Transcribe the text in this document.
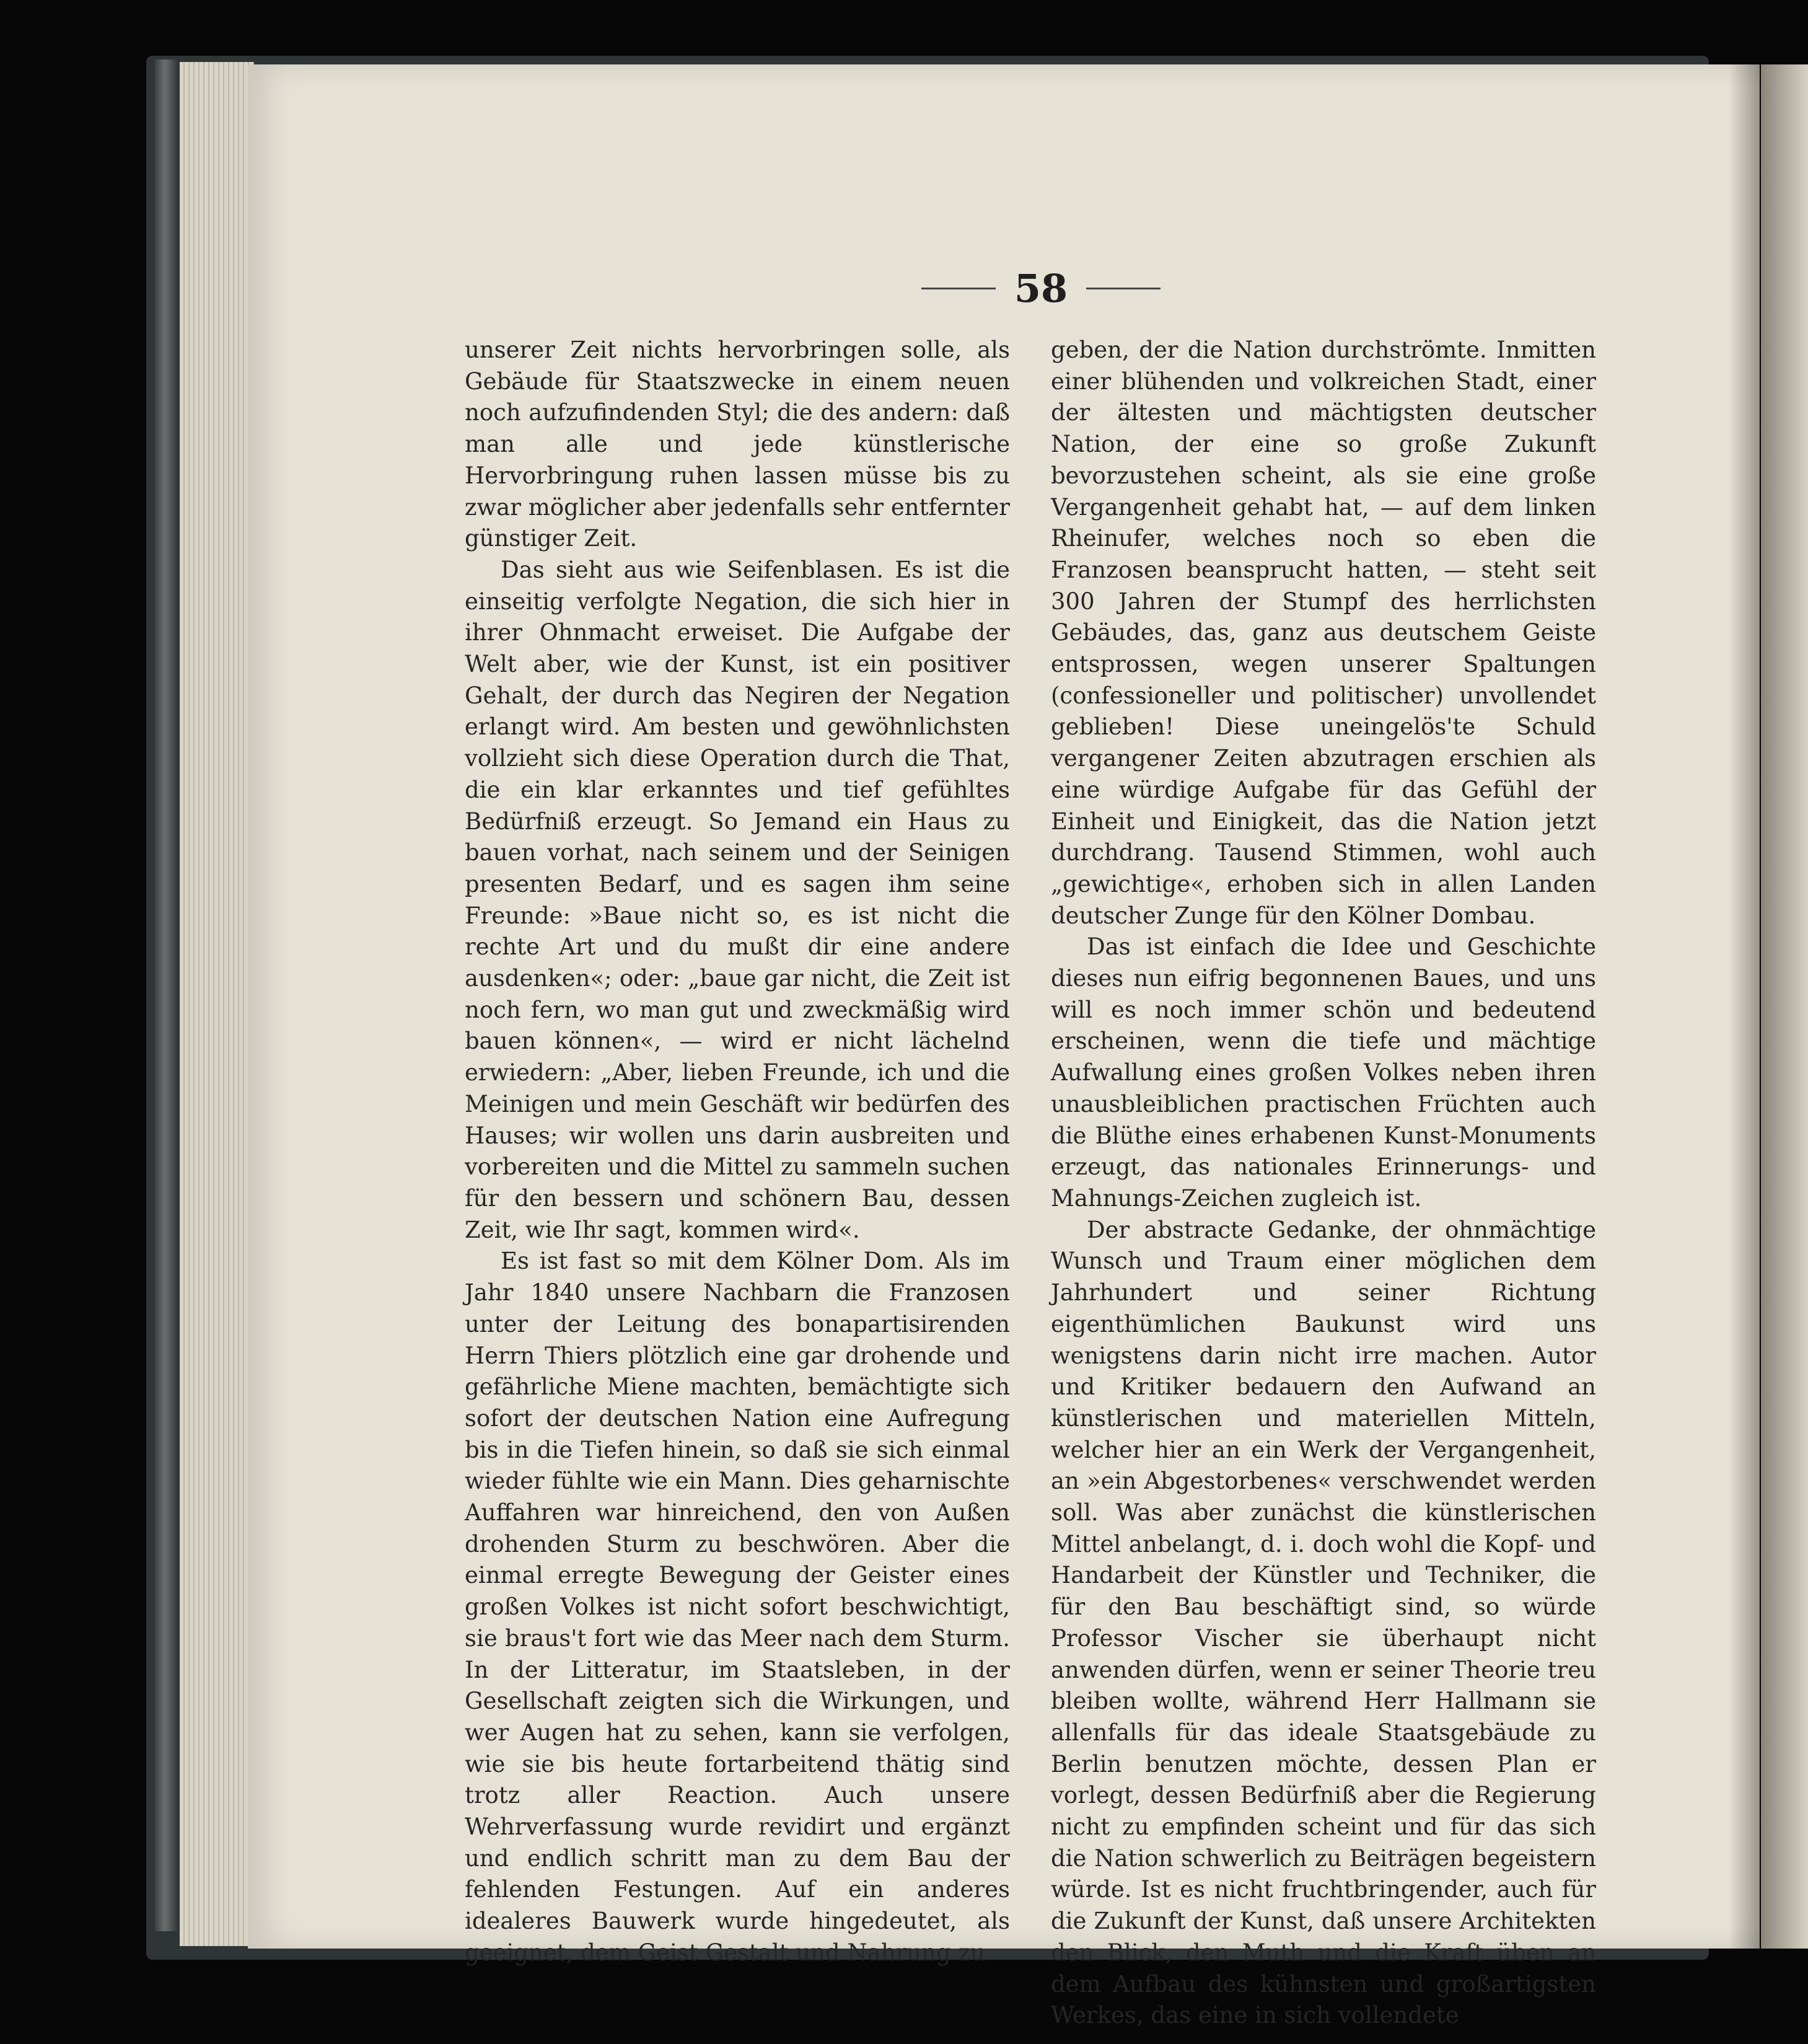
58

unserer Zeit nichts hervorbringen solle, als Gebäude für Staatszwecke in einem neuen noch aufzufindenden Styl; die des andern: daß man alle und jede künstlerische Hervorbringung ruhen lassen müsse bis zu zwar möglicher aber jedenfalls sehr entfernter günstiger Zeit.

Das sieht aus wie Seifenblasen. Es ist die einseitig verfolgte Negation, die sich hier in ihrer Ohnmacht erweiset. Die Aufgabe der Welt aber, wie der Kunst, ist ein positiver Gehalt, der durch das Negiren der Negation erlangt wird. Am besten und gewöhnlichsten vollzieht sich diese Operation durch die That, die ein klar erkanntes und tief gefühltes Bedürfniß erzeugt. So Jemand ein Haus zu bauen vorhat, nach seinem und der Seinigen presenten Bedarf, und es sagen ihm seine Freunde: »Baue nicht so, es ist nicht die rechte Art und du mußt dir eine andere ausdenken«; oder: „baue gar nicht, die Zeit ist noch fern, wo man gut und zweckmäßig wird bauen können«, — wird er nicht lächelnd erwiedern: „Aber, lieben Freunde, ich und die Meinigen und mein Geschäft wir bedürfen des Hauses; wir wollen uns darin ausbreiten und vorbereiten und die Mittel zu sammeln suchen für den bessern und schönern Bau, dessen Zeit, wie Ihr sagt, kommen wird«.

Es ist fast so mit dem Kölner Dom. Als im Jahr 1840 unsere Nachbarn die Franzosen unter der Leitung des bonapartisirenden Herrn Thiers plötzlich eine gar drohende und gefährliche Miene machten, bemächtigte sich sofort der deutschen Nation eine Aufregung bis in die Tiefen hinein, so daß sie sich einmal wieder fühlte wie ein Mann. Dies geharnischte Auffahren war hinreichend, den von Außen drohenden Sturm zu beschwören. Aber die einmal erregte Bewegung der Geister eines großen Volkes ist nicht sofort beschwichtigt, sie braus't fort wie das Meer nach dem Sturm. In der Litteratur, im Staatsleben, in der Gesellschaft zeigten sich die Wirkungen, und wer Augen hat zu sehen, kann sie verfolgen, wie sie bis heute fortarbeitend thätig sind trotz aller Reaction. Auch unsere Wehrverfassung wurde revidirt und ergänzt und endlich schritt man zu dem Bau der fehlenden Festungen. Auf ein anderes idealeres Bauwerk wurde hingedeutet, als geeignet, dem Geist Gestalt und Nahrung zu

geben, der die Nation durchströmte. Inmitten einer blühenden und volkreichen Stadt, einer der ältesten und mächtigsten deutscher Nation, der eine so große Zukunft bevorzustehen scheint, als sie eine große Vergangenheit gehabt hat, — auf dem linken Rheinufer, welches noch so eben die Franzosen beansprucht hatten, — steht seit 300 Jahren der Stumpf des herrlichsten Gebäudes, das, ganz aus deutschem Geiste entsprossen, wegen unserer Spaltungen (confessioneller und politischer) unvollendet geblieben! Diese uneingelös'te Schuld vergangener Zeiten abzutragen erschien als eine würdige Aufgabe für das Gefühl der Einheit und Einigkeit, das die Nation jetzt durchdrang. Tausend Stimmen, wohl auch „gewichtige«, erhoben sich in allen Landen deutscher Zunge für den Kölner Dombau.

Das ist einfach die Idee und Geschichte dieses nun eifrig begonnenen Baues, und uns will es noch immer schön und bedeutend erscheinen, wenn die tiefe und mächtige Aufwallung eines großen Volkes neben ihren unausbleiblichen practischen Früchten auch die Blüthe eines erhabenen Kunst-Monuments erzeugt, das nationales Erinnerungs- und Mahnungs-Zeichen zugleich ist.

Der abstracte Gedanke, der ohnmächtige Wunsch und Traum einer möglichen dem Jahrhundert und seiner Richtung eigenthümlichen Baukunst wird uns wenigstens darin nicht irre machen. Autor und Kritiker bedauern den Aufwand an künstlerischen und materiellen Mitteln, welcher hier an ein Werk der Vergangenheit, an »ein Abgestorbenes« verschwendet werden soll. Was aber zunächst die künstlerischen Mittel anbelangt, d. i. doch wohl die Kopf- und Handarbeit der Künstler und Techniker, die für den Bau beschäftigt sind, so würde Professor Vischer sie überhaupt nicht anwenden dürfen, wenn er seiner Theorie treu bleiben wollte, während Herr Hallmann sie allenfalls für das ideale Staatsgebäude zu Berlin benutzen möchte, dessen Plan er vorlegt, dessen Bedürfniß aber die Regierung nicht zu empfinden scheint und für das sich die Nation schwerlich zu Beiträgen begeistern würde. Ist es nicht fruchtbringender, auch für die Zukunft der Kunst, daß unsere Architekten den Blick, den Muth und die Kraft üben an dem Aufbau des kühnsten und großartigsten Werkes, das eine in sich vollendete
